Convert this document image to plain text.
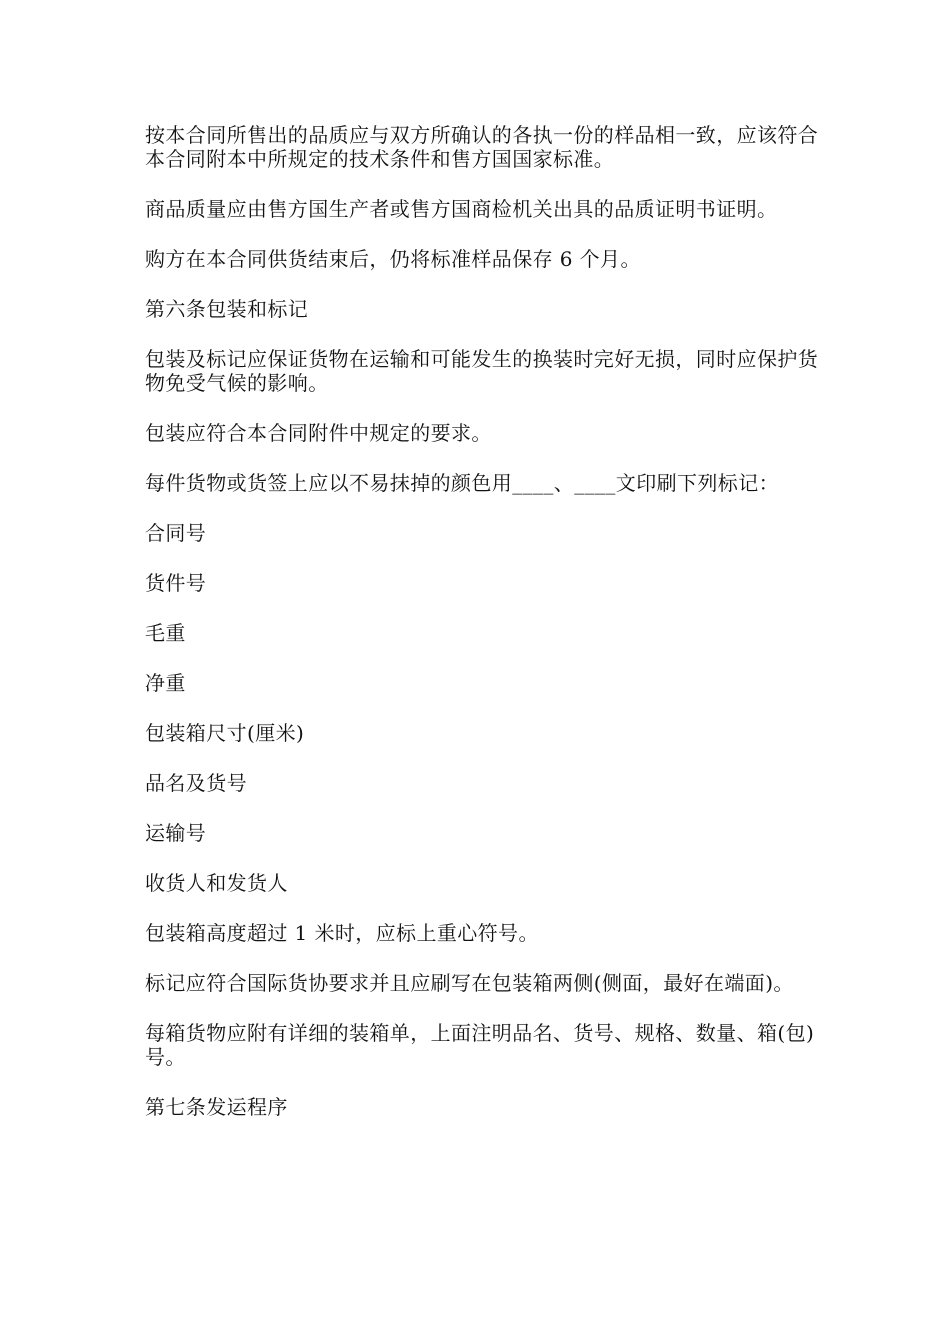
按本合同所售出的品质应与双方所确认的各执一份的样品相一致，应该符合本合同附本中所规定的技术条件和售方国国家标准。

商品质量应由售方国生产者或售方国商检机关出具的品质证明书证明。

购方在本合同供货结束后，仍将标准样品保存 6 个月。

第六条包装和标记

包装及标记应保证货物在运输和可能发生的换装时完好无损，同时应保护货物免受气候的影响。

包装应符合本合同附件中规定的要求。

每件货物或货签上应以不易抹掉的颜色用____、____文印刷下列标记：

合同号

货件号

毛重

净重

包装箱尺寸(厘米)

品名及货号

运输号

收货人和发货人

包装箱高度超过 1 米时，应标上重心符号。

标记应符合国际货协要求并且应刷写在包装箱两侧(侧面，最好在端面)。

每箱货物应附有详细的装箱单，上面注明品名、货号、规格、数量、箱(包)号。

第七条发运程序
